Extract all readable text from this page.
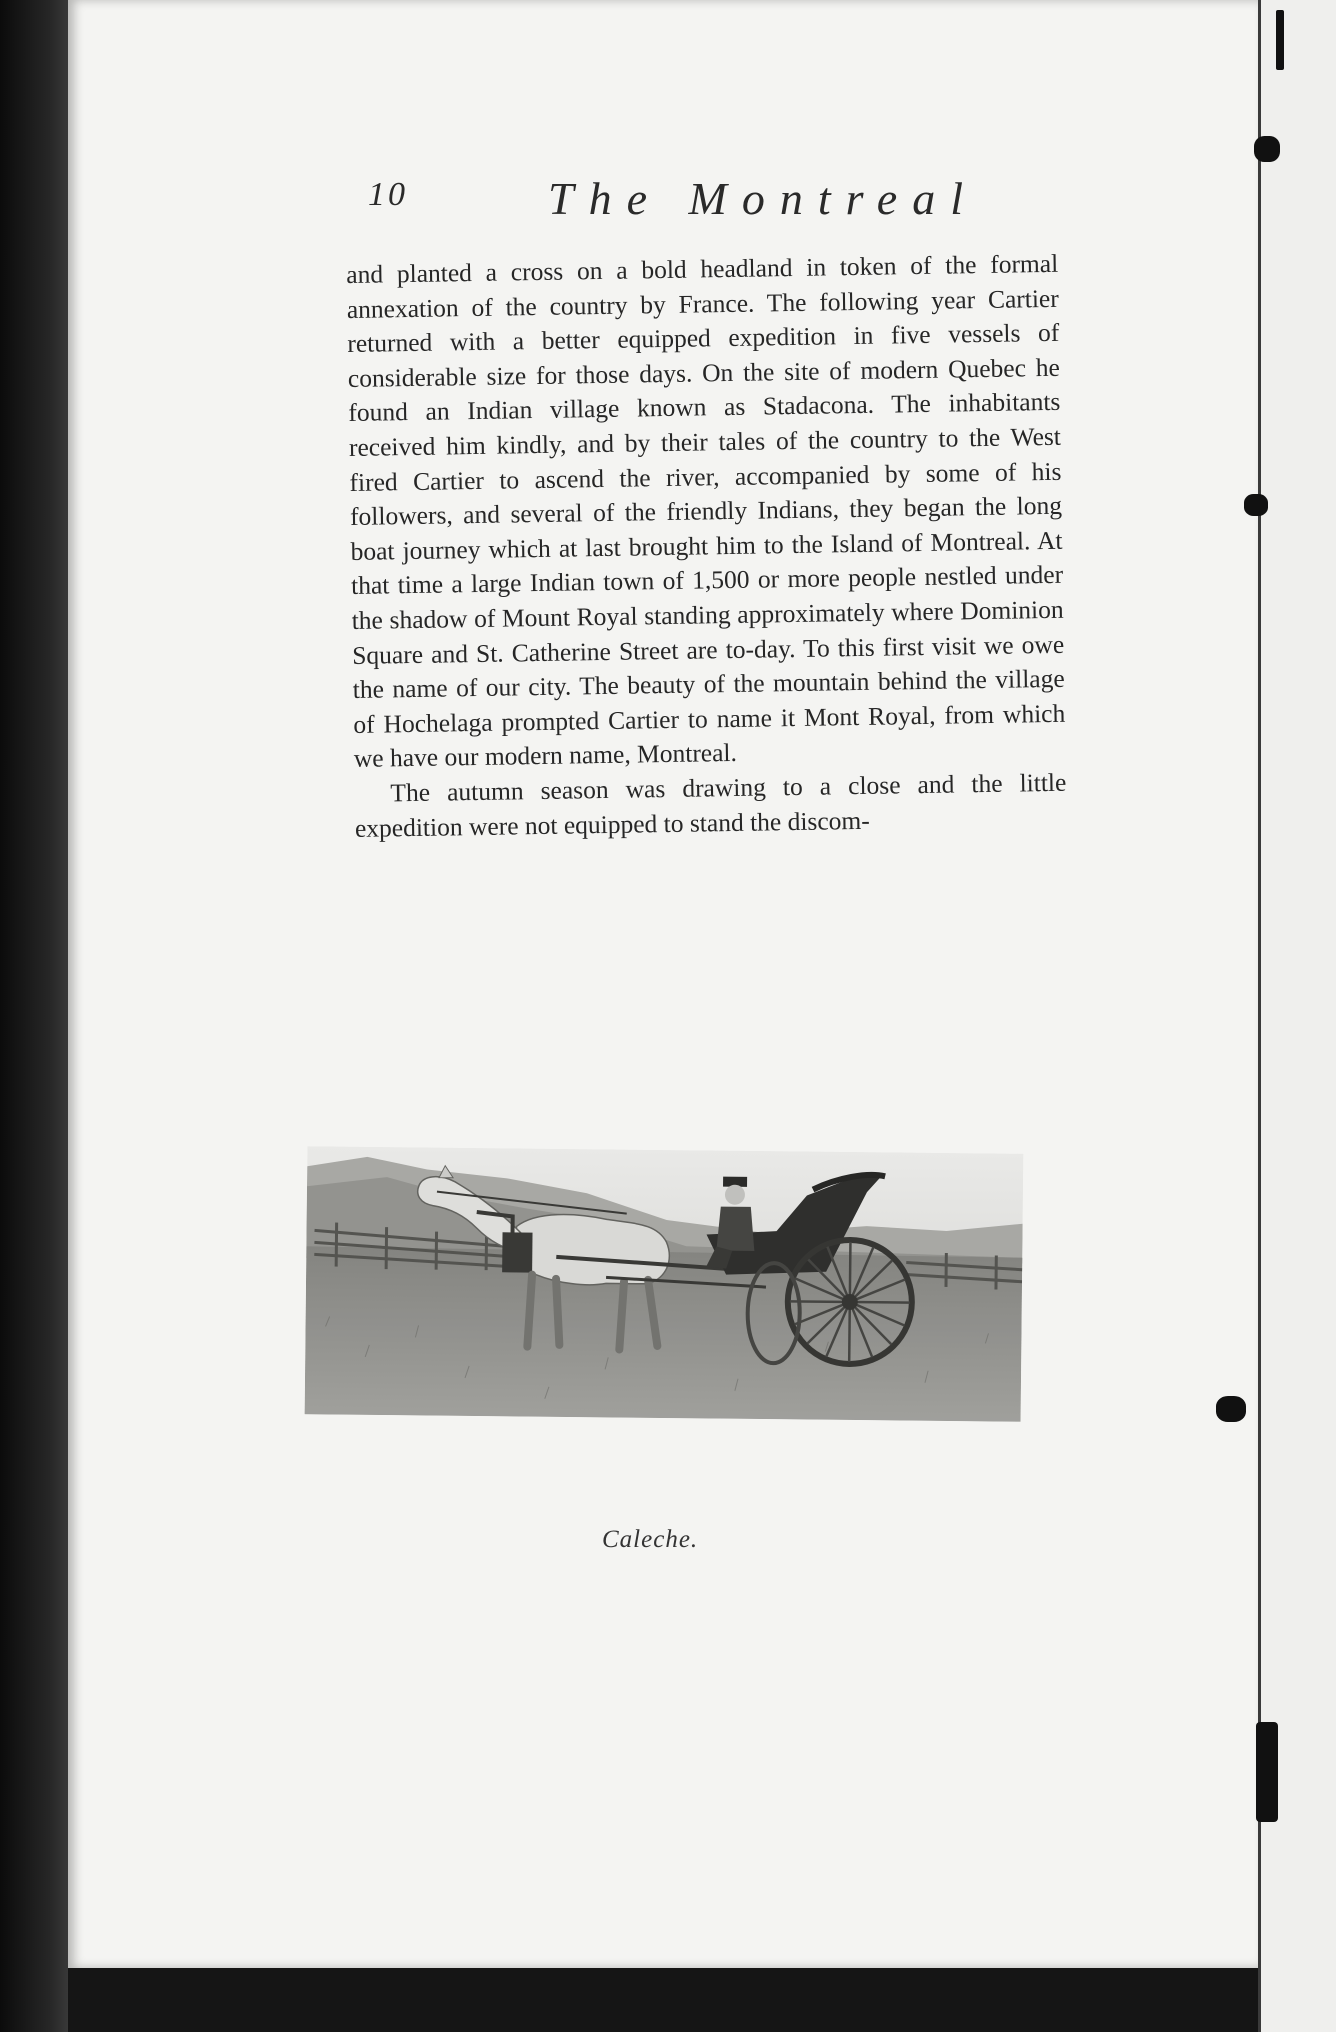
10	The Montreal

and planted a cross on a bold headland in token of the formal annexation of the country by France. The following year Cartier returned with a better equipped expedition in five vessels of considerable size for those days. On the site of modern Quebec he found an Indian village known as Stadacona. The inhabitants received him kindly, and by their tales of the country to the West fired Cartier to ascend the river, accompanied by some of his followers, and several of the friendly Indians, they began the long boat journey which at last brought him to the Island of Montreal. At that time a large Indian town of 1,500 or more people nestled under the shadow of Mount Royal standing approximately where Dominion Square and St. Catherine Street are to-day. To this first visit we owe the name of our city. The beauty of the mountain behind the village of Hochelaga prompted Cartier to name it Mont Royal, from which we have our modern name, Montreal.

The autumn season was drawing to a close and the little expedition were not equipped to stand the discom-

Caleche.
